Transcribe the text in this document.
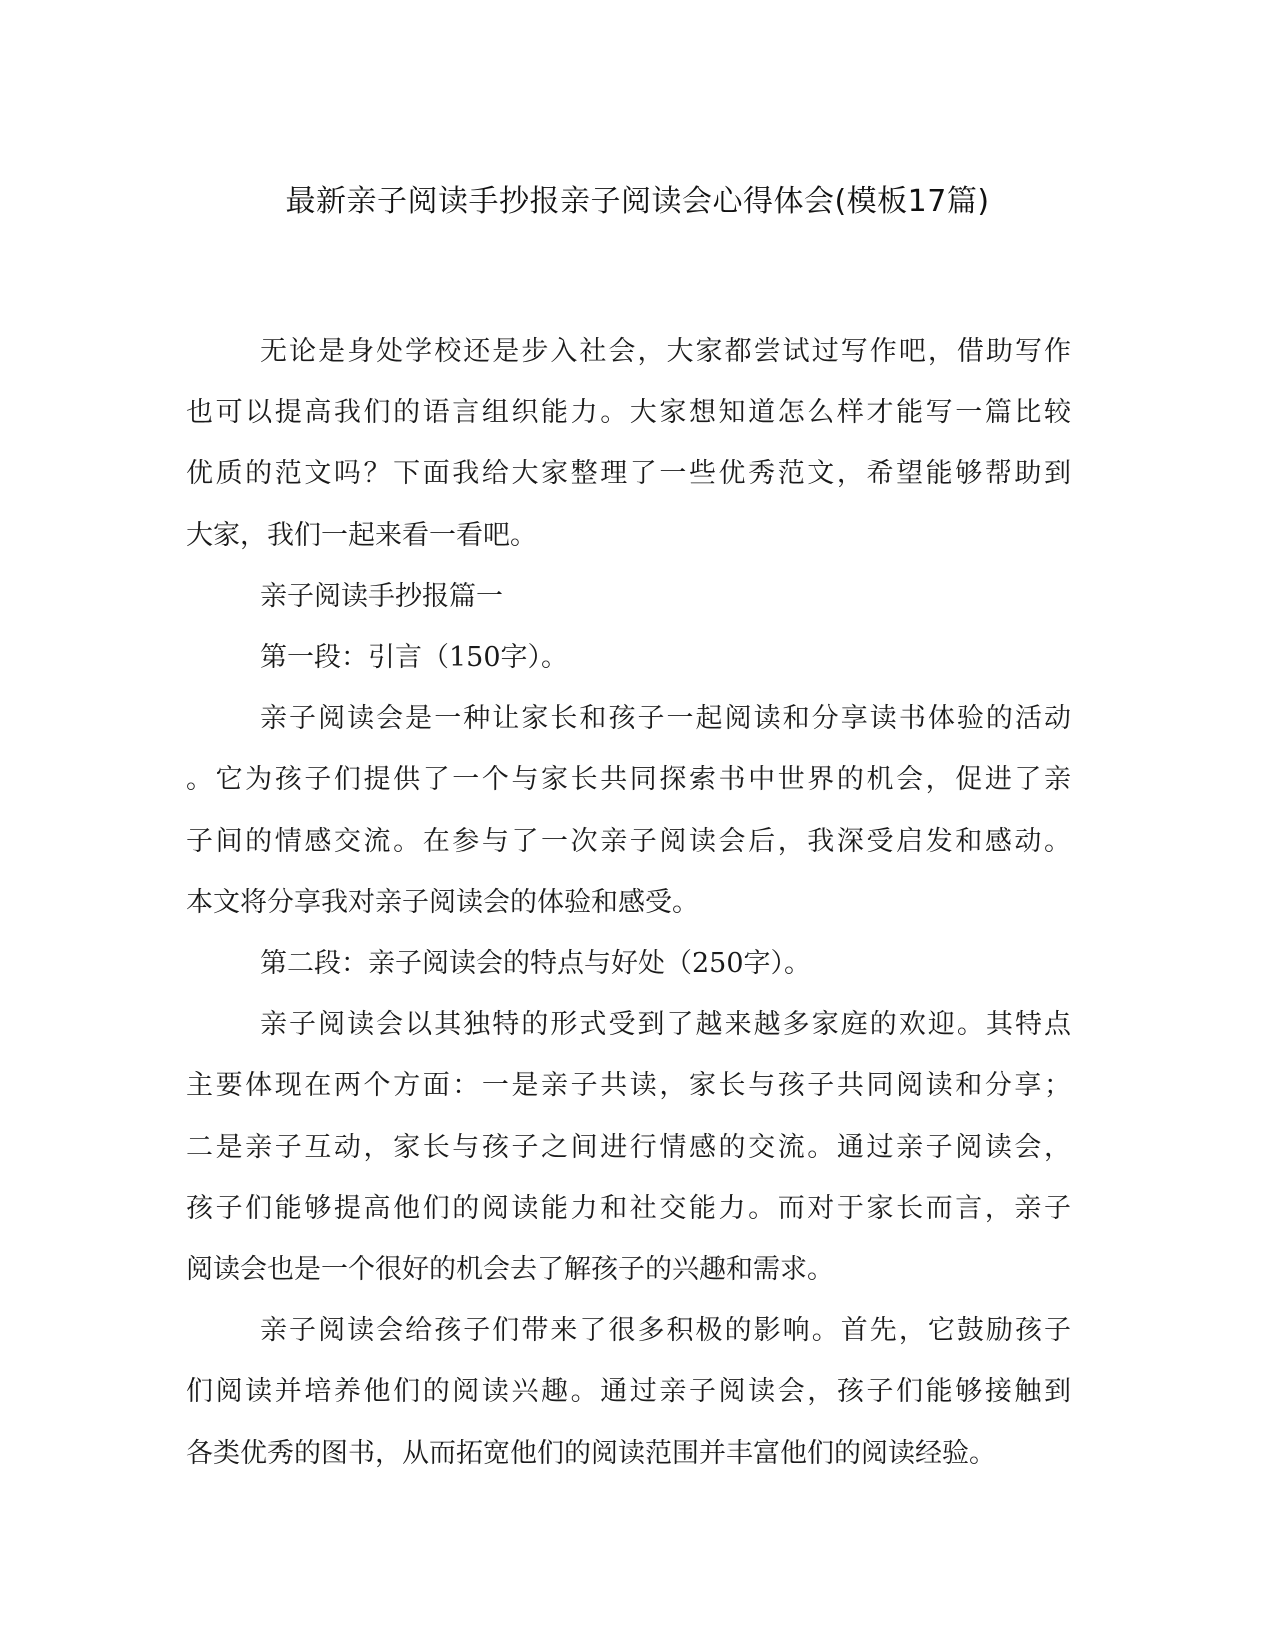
最新亲子阅读手抄报亲子阅读会心得体会(模板17篇)
无论是身处学校还是步入社会，大家都尝试过写作吧，借助写作
也可以提高我们的语言组织能力。大家想知道怎么样才能写一篇比较
优质的范文吗？下面我给大家整理了一些优秀范文，希望能够帮助到
大家，我们一起来看一看吧。
亲子阅读手抄报篇一
第一段：引言（150字）。
亲子阅读会是一种让家长和孩子一起阅读和分享读书体验的活动
。它为孩子们提供了一个与家长共同探索书中世界的机会，促进了亲
子间的情感交流。在参与了一次亲子阅读会后，我深受启发和感动。
本文将分享我对亲子阅读会的体验和感受。
第二段：亲子阅读会的特点与好处（250字）。
亲子阅读会以其独特的形式受到了越来越多家庭的欢迎。其特点
主要体现在两个方面：一是亲子共读，家长与孩子共同阅读和分享；
二是亲子互动，家长与孩子之间进行情感的交流。通过亲子阅读会，
孩子们能够提高他们的阅读能力和社交能力。而对于家长而言，亲子
阅读会也是一个很好的机会去了解孩子的兴趣和需求。
亲子阅读会给孩子们带来了很多积极的影响。首先，它鼓励孩子
们阅读并培养他们的阅读兴趣。通过亲子阅读会，孩子们能够接触到
各类优秀的图书，从而拓宽他们的阅读范围并丰富他们的阅读经验。
